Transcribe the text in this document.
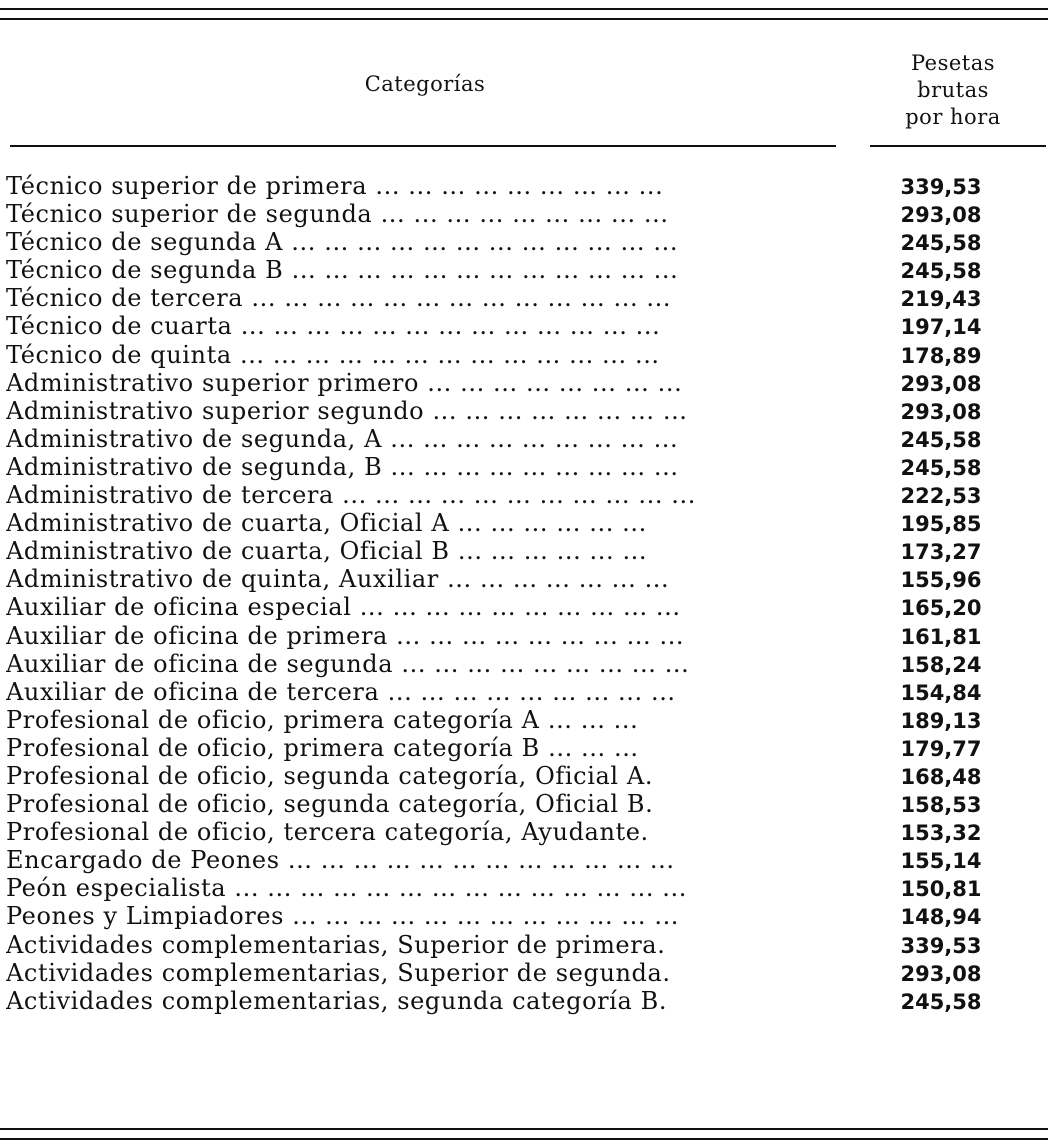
Categorías
Pesetas
brutas
por hora
Técnico superior de primera ... ... ... ... ... ... ... ... ...	339,53
Técnico superior de segunda ... ... ... ... ... ... ... ... ...	293,08
Técnico de segunda A ... ... ... ... ... ... ... ... ... ... ... ...	245,58
Técnico de segunda B ... ... ... ... ... ... ... ... ... ... ... ...	245,58
Técnico de tercera ... ... ... ... ... ... ... ... ... ... ... ... ...	219,43
Técnico de cuarta ... ... ... ... ... ... ... ... ... ... ... ... ...	197,14
Técnico de quinta ... ... ... ... ... ... ... ... ... ... ... ... ...	178,89
Administrativo superior primero ... ... ... ... ... ... ... ...	293,08
Administrativo superior segundo ... ... ... ... ... ... ... ...	293,08
Administrativo de segunda, A ... ... ... ... ... ... ... ... ...	245,58
Administrativo de segunda, B ... ... ... ... ... ... ... ... ...	245,58
Administrativo de tercera ... ... ... ... ... ... ... ... ... ... ...	222,53
Administrativo de cuarta, Oficial A ... ... ... ... ... ...	195,85
Administrativo de cuarta, Oficial B ... ... ... ... ... ...	173,27
Administrativo de quinta, Auxiliar ... ... ... ... ... ... ...	155,96
Auxiliar de oficina especial ... ... ... ... ... ... ... ... ... ...	165,20
Auxiliar de oficina de primera ... ... ... ... ... ... ... ... ...	161,81
Auxiliar de oficina de segunda ... ... ... ... ... ... ... ... ...	158,24
Auxiliar de oficina de tercera ... ... ... ... ... ... ... ... ...	154,84
Profesional de oficio, primera categoría A ... ... ...	189,13
Profesional de oficio, primera categoría B ... ... ...	179,77
Profesional de oficio, segunda categoría, Oficial A.	168,48
Profesional de oficio, segunda categoría, Oficial B.	158,53
Profesional de oficio, tercera categoría, Ayudante.	153,32
Encargado de Peones ... ... ... ... ... ... ... ... ... ... ... ...	155,14
Peón especialista ... ... ... ... ... ... ... ... ... ... ... ... ... ...	150,81
Peones y Limpiadores ... ... ... ... ... ... ... ... ... ... ... ...	148,94
Actividades complementarias, Superior de primera.	339,53
Actividades complementarias, Superior de segunda.	293,08
Actividades complementarias, segunda categoría B.	245,58
